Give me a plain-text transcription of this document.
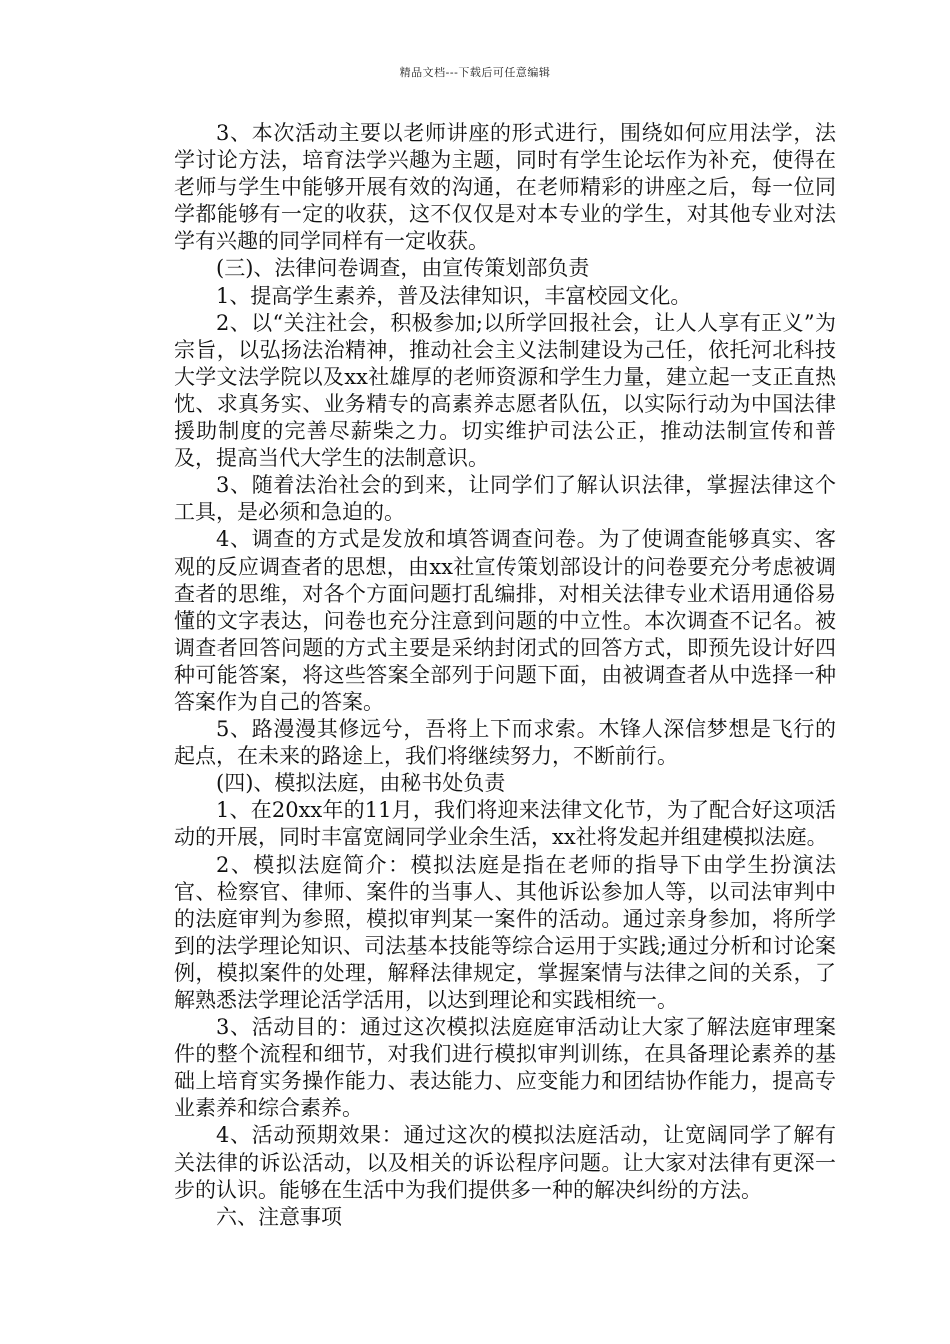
精品文档---下载后可任意编辑

3、本次活动主要以老师讲座的形式进行，围绕如何应用法学，法学讨论方法，培育法学兴趣为主题，同时有学生论坛作为补充，使得在老师与学生中能够开展有效的沟通，在老师精彩的讲座之后，每一位同学都能够有一定的收获，这不仅仅是对本专业的学生，对其他专业对法学有兴趣的同学同样有一定收获。

(三)、法律问卷调查，由宣传策划部负责

1、提高学生素养，普及法律知识，丰富校园文化。

2、以“关注社会，积极参加;以所学回报社会，让人人享有正义”为宗旨，以弘扬法治精神，推动社会主义法制建设为己任，依托河北科技大学文法学院以及xx社雄厚的老师资源和学生力量，建立起一支正直热忱、求真务实、业务精专的高素养志愿者队伍，以实际行动为中国法律援助制度的完善尽薪柴之力。切实维护司法公正，推动法制宣传和普及，提高当代大学生的法制意识。

3、随着法治社会的到来，让同学们了解认识法律，掌握法律这个工具，是必须和急迫的。

4、调查的方式是发放和填答调查问卷。为了使调查能够真实、客观的反应调查者的思想，由xx社宣传策划部设计的问卷要充分考虑被调查者的思维，对各个方面问题打乱编排，对相关法律专业术语用通俗易懂的文字表达，问卷也充分注意到问题的中立性。本次调查不记名。被调查者回答问题的方式主要是采纳封闭式的回答方式，即预先设计好四种可能答案，将这些答案全部列于问题下面，由被调查者从中选择一种答案作为自己的答案。

5、路漫漫其修远兮，吾将上下而求索。木锋人深信梦想是飞行的起点，在未来的路途上，我们将继续努力，不断前行。

(四)、模拟法庭，由秘书处负责

1、在20xx年的11月，我们将迎来法律文化节，为了配合好这项活动的开展，同时丰富宽阔同学业余生活，xx社将发起并组建模拟法庭。

2、模拟法庭简介：模拟法庭是指在老师的指导下由学生扮演法官、检察官、律师、案件的当事人、其他诉讼参加人等，以司法审判中的法庭审判为参照，模拟审判某一案件的活动。通过亲身参加，将所学到的法学理论知识、司法基本技能等综合运用于实践;通过分析和讨论案例，模拟案件的处理，解释法律规定，掌握案情与法律之间的关系，了解熟悉法学理论活学活用，以达到理论和实践相统一。

3、活动目的：通过这次模拟法庭庭审活动让大家了解法庭审理案件的整个流程和细节，对我们进行模拟审判训练，在具备理论素养的基础上培育实务操作能力、表达能力、应变能力和团结协作能力，提高专业素养和综合素养。

4、活动预期效果：通过这次的模拟法庭活动，让宽阔同学了解有关法律的诉讼活动，以及相关的诉讼程序问题。让大家对法律有更深一步的认识。能够在生活中为我们提供多一种的解决纠纷的方法。

六、注意事项
